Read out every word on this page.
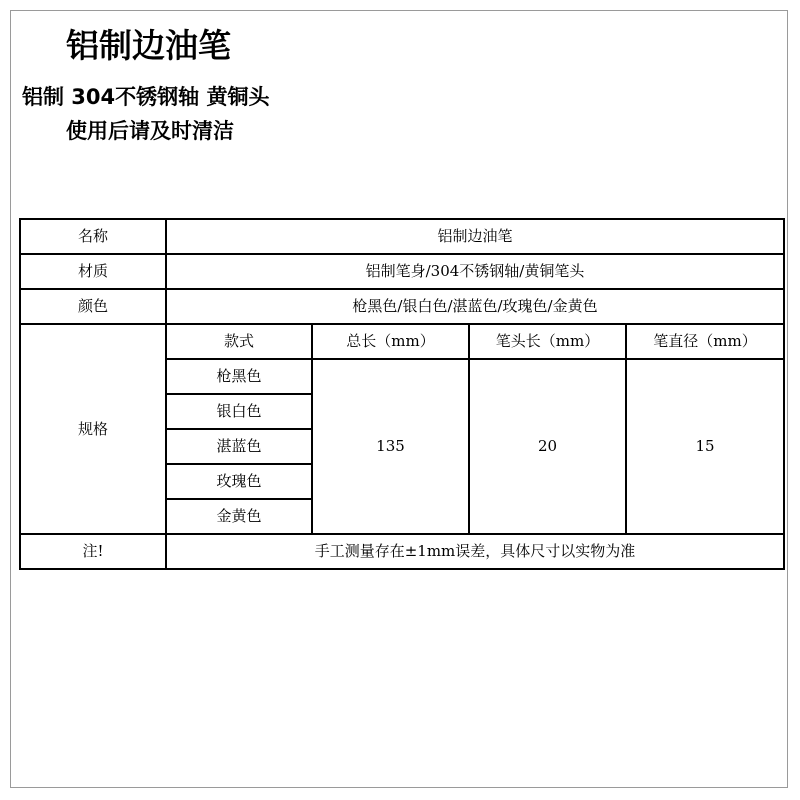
铝制边油笔
铝制 304不锈钢轴 黄铜头
使用后请及时清洁
名称	铝制边油笔			
材质	铝制笔身/304不锈钢轴/黄铜笔头			
颜色	枪黑色/银白色/湛蓝色/玫瑰色/金黄色			
规格	款式	总长（mm）	笔头长（mm）	笔直径（mm）
	枪黑色	135	20	15
	银白色			
	湛蓝色			
	玫瑰色			
	金黄色			
注!	手工测量存在±1mm误差，具体尺寸以实物为准			
